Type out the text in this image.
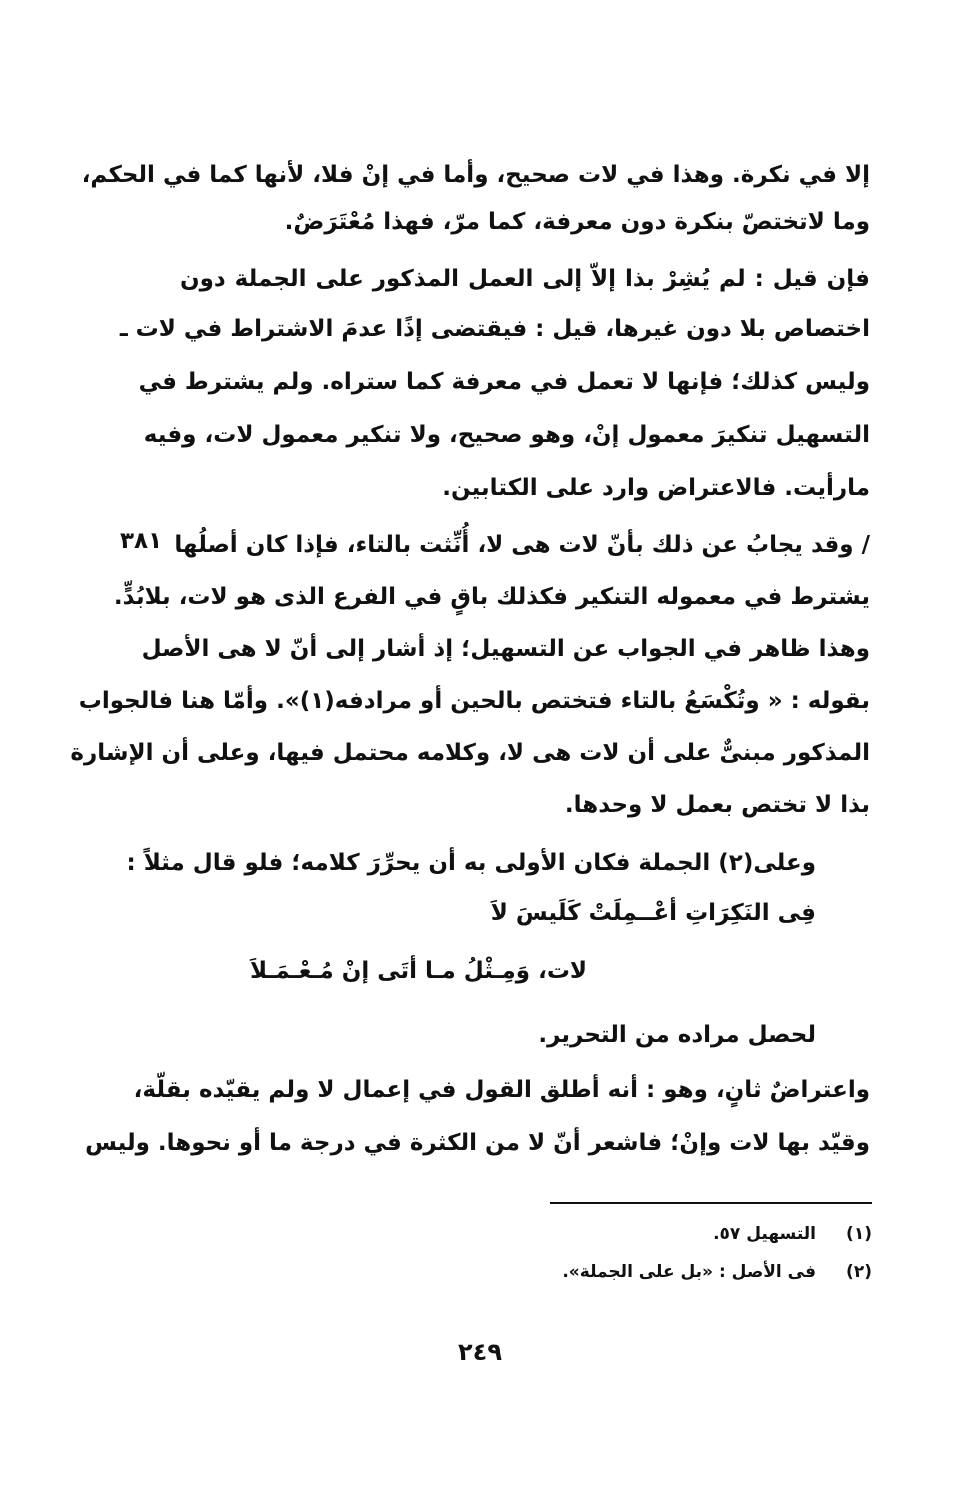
إلا في نكرة. وهذا في لات صحيح، وأما في إنْ فلا، لأنها كما في الحكم،
وما لاتختصّ بنكرة دون معرفة، كما مرّ، فهذا مُعْتَرَضٌ.
فإن قيل : لم يُشِرْ بذا إلاّ إلى العمل المذكور على الجملة دون
اختصاص بلا دون غيرها، قيل : فيقتضى إذًا عدمَ الاشتراط في لات ـ
وليس كذلك؛ فإنها لا تعمل في معرفة كما ستراه. ولم يشترط في
التسهيل تنكيرَ معمول إنْ، وهو صحيح، ولا تنكير معمول لات، وفيه
مارأيت. فالاعتراض وارد على الكتابين.
٣٨١ / وقد يجابُ عن ذلك بأنّ لات هى لا، أُنِّثت بالتاء، فإذا كان أصلُها
يشترط في معموله التنكير فكذلك باقٍ في الفرع الذى هو لات، بلابُدٍّ.
وهذا ظاهر في الجواب عن التسهيل؛ إذ أشار إلى أنّ لا هى الأصل
بقوله : « وتُكْسَعُ بالتاء فتختص بالحين أو مرادفه(١)». وأمّا هنا فالجواب
المذكور مبنىٌّ على أن لات هى لا، وكلامه محتمل فيها، وعلى أن الإشارة
بذا لا تختص بعمل لا وحدها.
وعلى(٢) الجملة فكان الأولى به أن يحرِّرَ كلامه؛ فلو قال مثلاً :
فِى النَكِرَاتِ أعْــمِلَتْ كَلَيسَ لاَ
لات، وَمِـثْلُ مـا أتَى إنْ مُـعْـمَـلاَ
لحصل مراده من التحرير.
واعتراضٌ ثانٍ، وهو : أنه أطلق القول في إعمال لا ولم يقيّده بقلّة،
وقيّد بها لات وإنْ؛ فاشعر أنّ لا من الكثرة في درجة ما أو نحوها. وليس
(١)
التسهيل ٥٧.
(٢)
فى الأصل : «بل على الجملة».
٢٤٩
